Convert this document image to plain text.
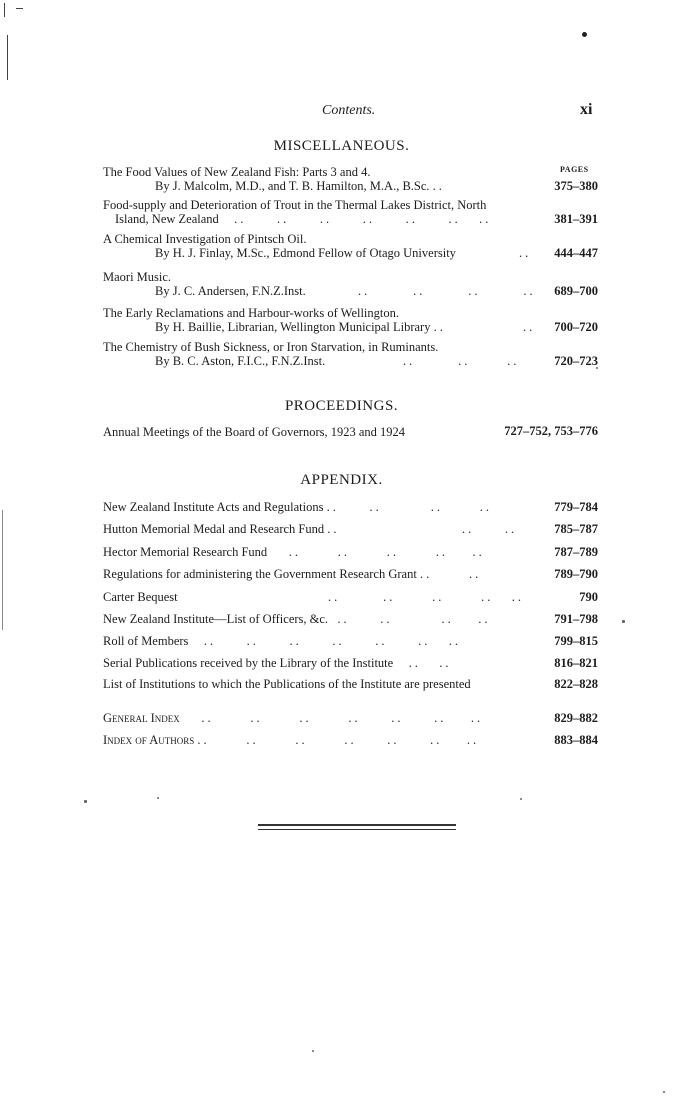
Contents.	xi
MISCELLANEOUS.
PAGES
The Food Values of New Zealand Fish: Parts 3 and 4.
By J. Malcolm, M.D., and T. B. Hamilton, M.A., B.Sc. ..	375–380
Food-supply and Deterioration of Trout in the Thermal Lakes District, North
Island, New Zealand   ..     ..     ..     ..     ..     ..   ..	381–391
A Chemical Investigation of Pintsch Oil.
By H. J. Finlay, M.Sc., Edmond Fellow of Otago University	444–447
..
Maori Music.
By J. C. Andersen, F.N.Z.Inst.	..       ..       ..       .. 689–700
The Early Reclamations and Harbour-works of Wellington.
By H. Baillie, Librarian, Wellington Municipal Library ..	.. 700–720
The Chemistry of Bush Sickness, or Iron Starvation, in Ruminants.
By B. C. Aston, F.I.C., F.N.Z.Inst.	..       ..      ..	720–723
PROCEEDINGS.
Annual Meetings of the Board of Governors, 1923 and 1924	727–752, 753–776
APPENDIX.
New Zealand Institute Acts and Regulations ..     ..        ..      ..	779–784
Hutton Memorial Medal and Research Fund ..                    ..     ..	785–787
Hector Memorial Research Fund    ..      ..      ..      ..    ..	787–789
Regulations for administering the Government Research Grant ..      ..	789–790
Carter Bequest	..       ..      ..      ..   ..	790
New Zealand Institute—List of Officers, &c.  ..     ..        ..    ..	791–798
Roll of Members   ..     ..     ..     ..     ..     ..   ..	799–815
Serial Publications received by the Library of the Institute   ..   ..	816–821
List of Institutions to which the Publications of the Institute are presented	822–828
General Index    ..      ..      ..      ..     ..     ..    ..	829–882
Index of Authors ..      ..      ..      ..     ..     ..    ..	883–884
